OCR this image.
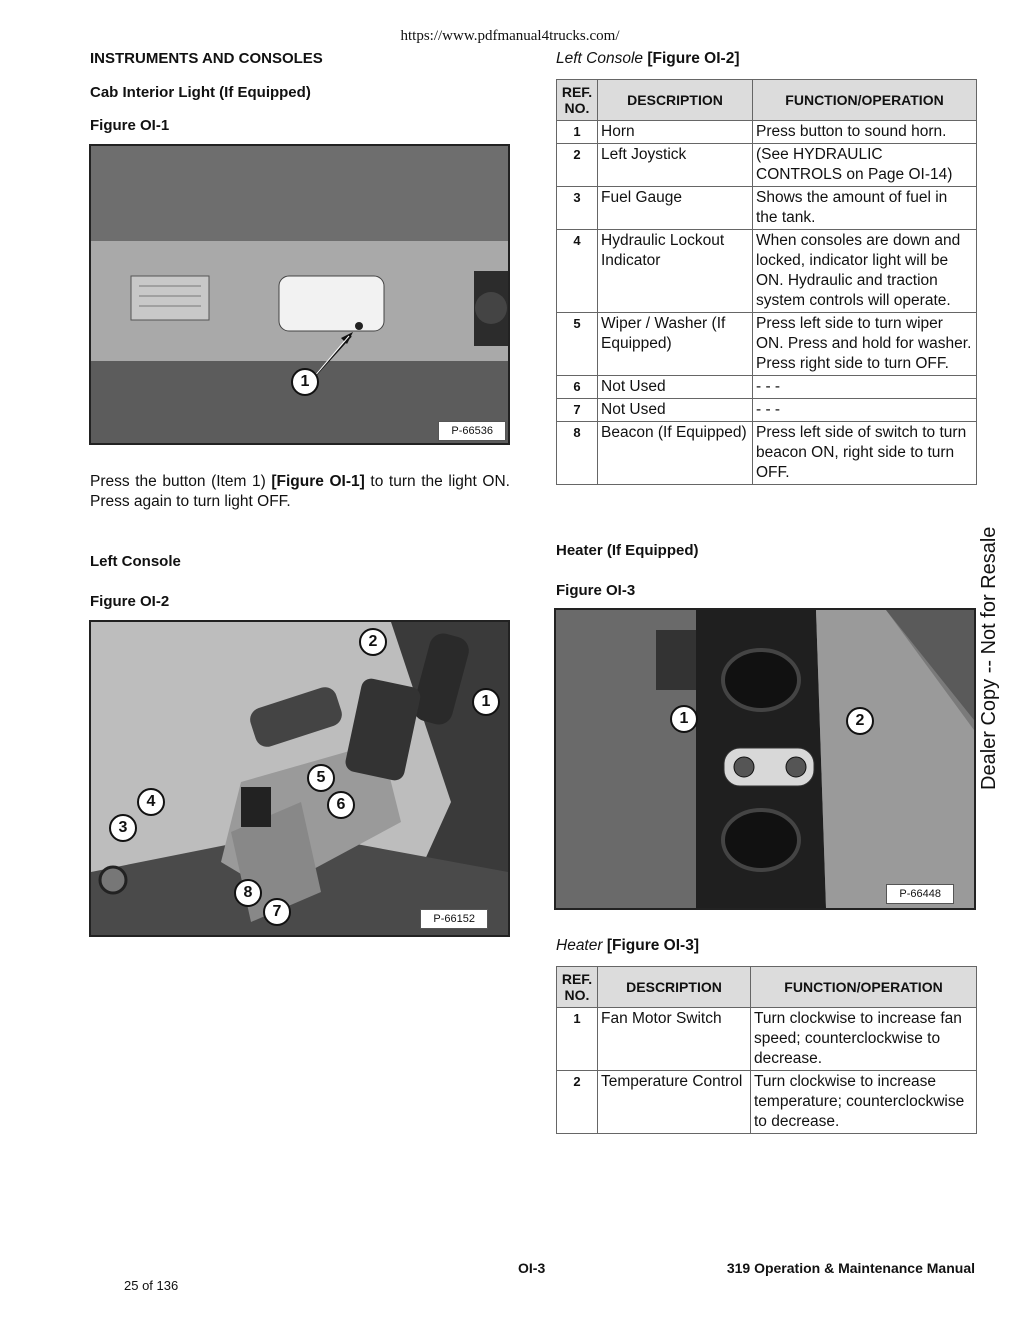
https://www.pdfmanual4trucks.com/
INSTRUMENTS AND CONSOLES
Cab Interior Light (If Equipped)
Figure OI-1
1
P-66536
Press the button (Item 1) [Figure OI-1] to turn the light ON. Press again to turn light OFF.
Left Console
Figure OI-2
2
1
5
4	6
3
8
7	P-66152
Left Console [Figure OI-2]
REF. NO.	DESCRIPTION	FUNCTION/OPERATION
1	Horn	Press button to sound horn.
2	Left Joystick	(See HYDRAULIC CONTROLS on Page OI-14)
3	Fuel Gauge	Shows the amount of fuel in the tank.
4	Hydraulic Lockout Indicator	When consoles are down and locked, indicator light will be ON. Hydraulic and traction system controls will operate.
5	Wiper / Washer (If Equipped)	Press left side to turn wiper ON. Press and hold for washer. Press right side to turn OFF.
6	Not Used	- - -
7	Not Used	- - -
8	Beacon (If Equipped)	Press left side of switch to turn beacon ON, right side to turn OFF.
Heater (If Equipped)
Figure OI-3
1	2
P-66448
Heater [Figure OI-3]
REF. NO.	DESCRIPTION	FUNCTION/OPERATION
1	Fan Motor Switch	Turn clockwise to increase fan speed; counterclockwise to decrease.
2	Temperature Control	Turn clockwise to increase temperature; counterclockwise to decrease.
Dealer Copy -- Not for Resale
OI-3	319 Operation & Maintenance Manual
25 of 136
